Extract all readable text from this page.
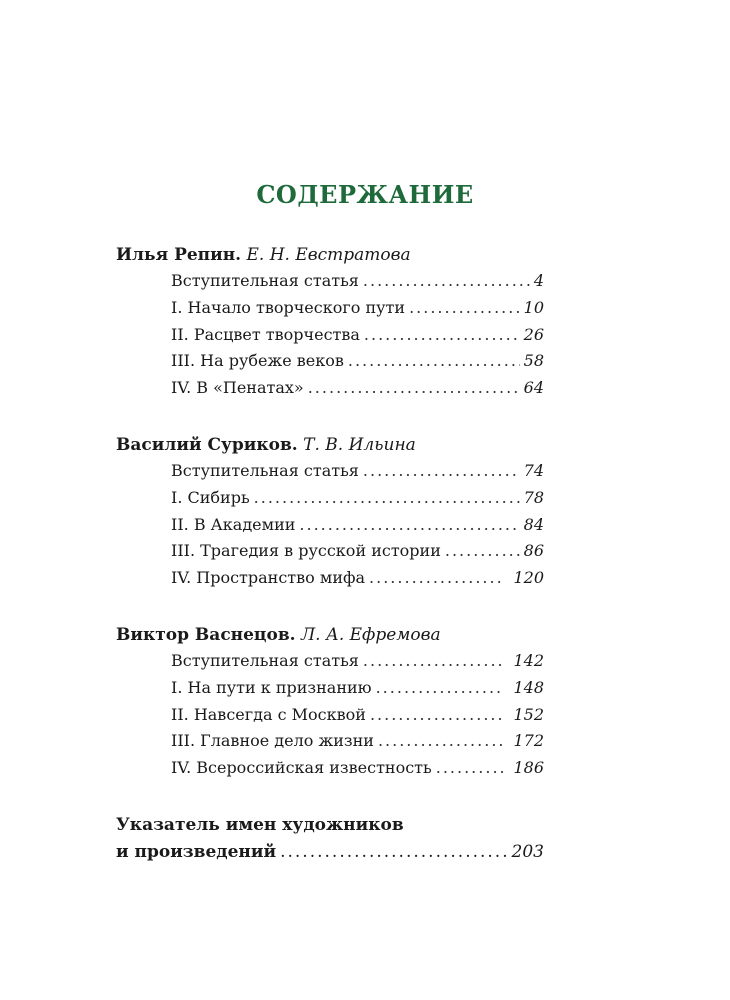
СОДЕРЖАНИЕ
Илья Репин. Е. Н. Евстратова
Вступительная статья .....	4
I. Начало творческого пути .....	10
II. Расцвет творчества .....	26
III. На рубеже веков .....	58
IV. В «Пенатах» .....	64
Василий Суриков. Т. В. Ильина
Вступительная статья .....	74
I. Сибирь .....	78
II. В Академии .....	84
III. Трагедия в русской истории .....	86
IV. Пространство мифа .....	120
Виктор Васнецов. Л. А. Ефремова
Вступительная статья .....	142
I. На пути к признанию .....	148
II. Навсегда с Москвой .....	152
III. Главное дело жизни .....	172
IV. Всероссийская известность .....	186
Указатель имен художников
и произведений .....	203
